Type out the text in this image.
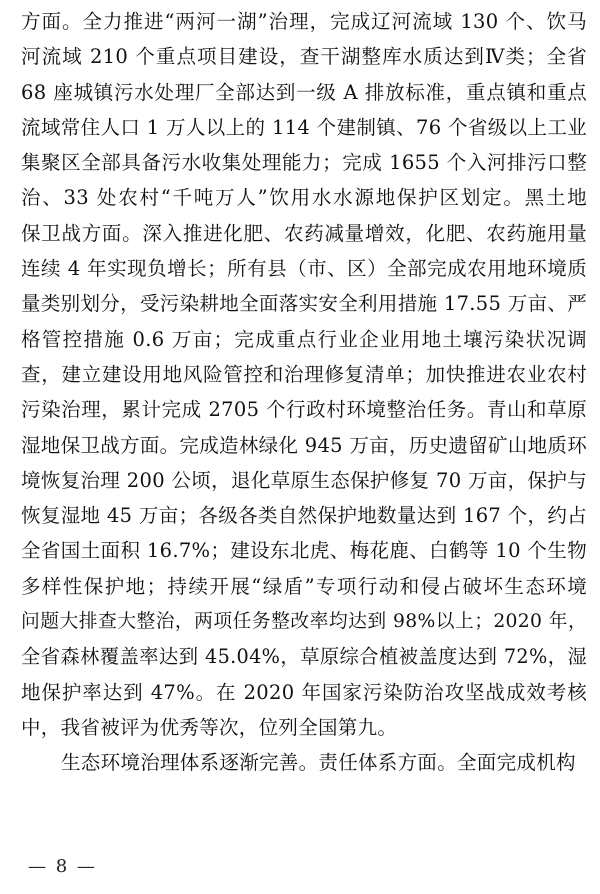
方面。全力推进“两河一湖”治理，完成辽河流域 130 个、饮马
河流域 210 个重点项目建设，查干湖整库水质达到Ⅳ类；全省
68 座城镇污水处理厂全部达到一级 A 排放标准，重点镇和重点
流域常住人口 1 万人以上的 114 个建制镇、76 个省级以上工业
集聚区全部具备污水收集处理能力；完成 1655 个入河排污口整
治、33 处农村“千吨万人”饮用水水源地保护区划定。黑土地
保卫战方面。深入推进化肥、农药减量增效，化肥、农药施用量
连续 4 年实现负增长；所有县（市、区）全部完成农用地环境质
量类别划分，受污染耕地全面落实安全利用措施 17.55 万亩、严
格管控措施 0.6 万亩；完成重点行业企业用地土壤污染状况调
查，建立建设用地风险管控和治理修复清单；加快推进农业农村
污染治理，累计完成 2705 个行政村环境整治任务。青山和草原
湿地保卫战方面。完成造林绿化 945 万亩，历史遗留矿山地质环
境恢复治理 200 公顷，退化草原生态保护修复 70 万亩，保护与
恢复湿地 45 万亩；各级各类自然保护地数量达到 167 个，约占
全省国土面积 16.7%；建设东北虎、梅花鹿、白鹤等 10 个生物
多样性保护地；持续开展“绿盾”专项行动和侵占破坏生态环境
问题大排查大整治，两项任务整改率均达到 98%以上；2020 年，
全省森林覆盖率达到 45.04%，草原综合植被盖度达到 72%，湿
地保护率达到 47%。在 2020 年国家污染防治攻坚战成效考核
中，我省被评为优秀等次，位列全国第九。
生态环境治理体系逐渐完善。责任体系方面。全面完成机构
— 8 —
